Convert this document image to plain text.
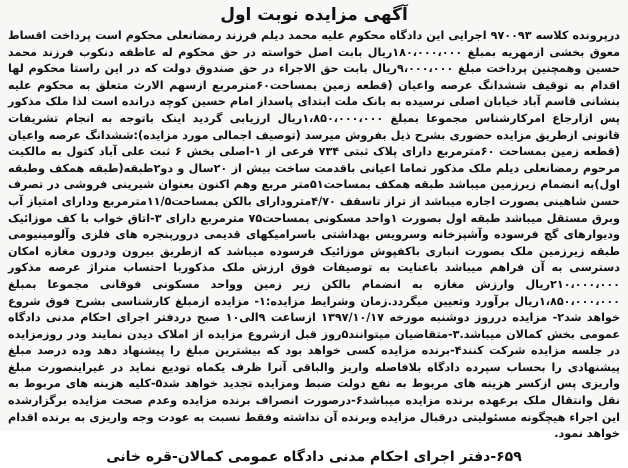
آگهی مزایده نوبت اول

درپرونده کلاسه ۹۷۰۰۹۳ اجرایی این دادگاه محکوم علیه محمد دیلم فرزند رمضانعلی محکوم است پرداخت اقساط معوق بخشی ازمهریه بمبلغ ۱۸۰،۰۰۰،۰۰۰ریال بابت اصل خواسته در حق محکوم له عاطفه دنکوب فرزند محمد حسین وهمچنین پرداخت مبلغ ۹،۰۰۰،۰۰۰ریال بابت حق الاجراء در حق صندوق دولت که در این راستا محکوم لها اقدام به توقیف ششدانگ عرصه واعیان (قطعه زمین بمساحت۶۰مترمربع ازسهم الارث متعلق به محکوم علیه بنشانی قاسم آباد خیابان اصلی نرسیده به بانک ملت ابتدای پاسداز امام حسین کوچه درانده است لذا ملک مذکور پس ازارجاع امرکارشناس مجموعا بمبلغ ۱،۸۵۰،۰۰۰،۰۰۰ریال ارزیابی گردید اینک باتوجه به انجام تشریفات قانونی ازطریق مزایده حضوری بشرح ذیل بفروش میرسد (توصیف اجمالی مورد مزایده):ششدانگ عرصه واعیان (قطعه زمین بمساحت ۶۰مترمربع دارای پلاک ثبتی ۷۳۴ فرعی از ۱-اصلی بخش ۶ ثبت علی آباد کتول به مالکیت مرحوم رمضانعلی دیلم ملک مذکور تماما اعیانی باقدمت ساخت بیش از ۲۰سال و دو۲طبقه(طبقه همکف وطبقه اول)به انضمام زیرزمین میباشد طبقه همکف بمساحت۵۱متر مربع وهم اکنون بعنوان شیرینی فروشی در تصرف حسن شاهینی بصورت اجاره میباشد از تراز تاسقف ۴/۷۰مترودارای بالکن بمساحت۱۱/۵مترمربع ودارای امتیاز آب وبرق مستقل میباشد طبقه اول بصورت ۱واحد مسکونی بمساحت۷۵ مترمربع دارای ۳-اتاق خواب با کف موزائیک ودیوارهای گچ فرسوده وآشپزخانه وسرویس بهداشتی باسرامیکهای قدیمی درورپنجره های فلزی وآلومینیومی طبقه زیرزمین ملک بصورت انباری باکفپوش موزائیک فرسوده میباشد که ازطریق بیرون ودرون مغازه امکان دسترسی به آن فراهم میباشد باعنایت به توصیفات فوق ارزش ملک مذکوربا احتساب متراژ عرصه مذکور ۲۱۰،۰۰۰،۰۰۰ریال وارزش مغازه به انضمام بالکن زیر زمین وواحد مسکونی فوقانی مجموعا بمبلغ ۱،۸۵۰،۰۰۰،۰۰۰ریال برآورد وتعیین میگردد.زمان وشرایط مزایده:۱- مزایده ازمبلغ کارشناسی بشرح فوق شروع خواهد شد۲- مزایده درروز دوشنبه مورخه ۱۳۹۷/۱۰/۱۷ ازساعت ۹الی۱۰ صبح دردفتر اجرای احکام مدنی دادگاه عمومی بخش کمالان میباشد.۳-متقاضیان میتوانند۵روز قبل ازشروع مزایده از املاک دیدن نمایند ودر روزمزایده در جلسه مزایده شرکت کنند۴-برنده مزایده کسی خواهد بود که بیشترین مبلغ را پیشنهاد دهد وده درصد مبلغ پیشنهادی را بحساب سپرده دادگاه بلافاصله واریز والباقی آنرا ظرف یکماه تودیع نماید در غیراینصورت مبلغ واریزی پس ازکسر هزینه های مربوط به نفع دولت ضبط ومزایده تجدید خواهد شد۵-کلیه هزینه های مربوط به نقل وانتقال ملک برعهده برنده مزایده میباشد۶-درصورت انصراف برنده مزایده وعدم صحت مزایده برگزارشده این اجراء هیچگونه مسئولیتی درقبال مزایده وبرنده آن نداشته وفقط نسبت به عودت وجه واریزی به برنده اقدام خواهد نمود.

۶۵۹-دفتر اجرای احکام مدنی دادگاه عمومی کمالان-قره خانی
